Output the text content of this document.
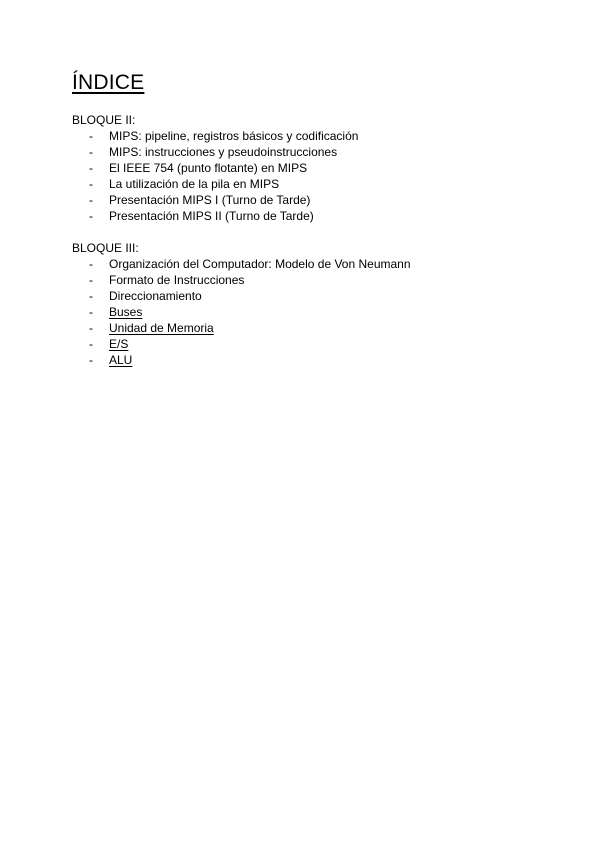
ÍNDICE
BLOQUE II:
- MIPS: pipeline, registros básicos y codificación
- MIPS: instrucciones y pseudoinstrucciones
- El IEEE 754 (punto flotante) en MIPS
- La utilización de la pila en MIPS
- Presentación MIPS I (Turno de Tarde)
- Presentación MIPS II (Turno de Tarde)
BLOQUE III:
- Organización del Computador: Modelo de Von Neumann
- Formato de Instrucciones
- Direccionamiento
- Buses
- Unidad de Memoria
- E/S
- ALU
